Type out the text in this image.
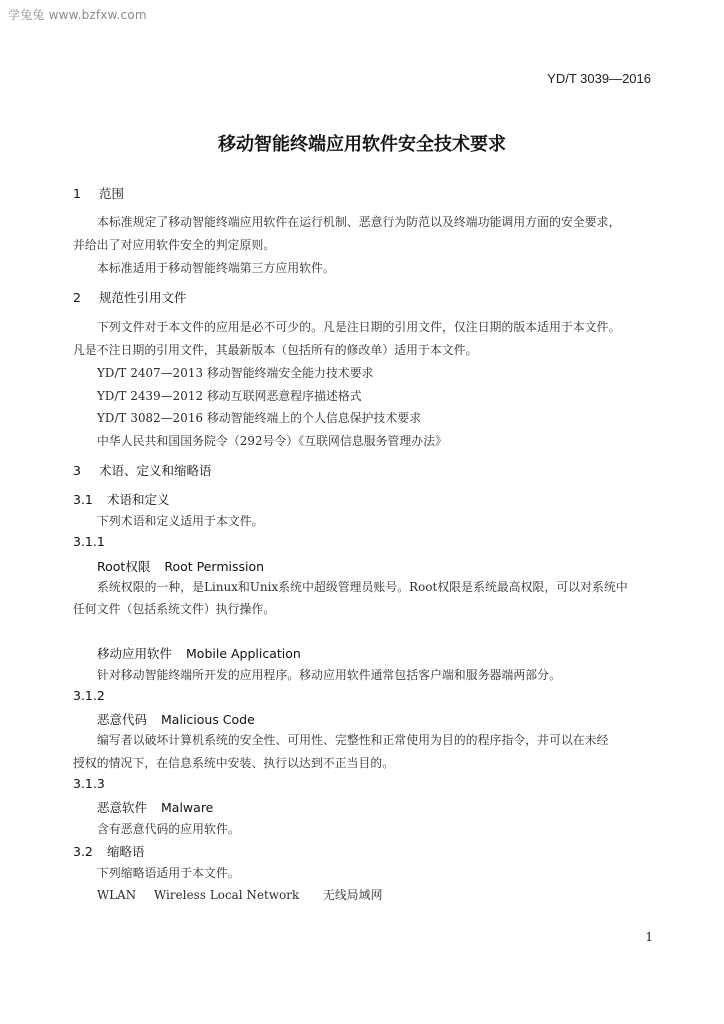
学兔兔 www.bzfxw.com
YD/T 3039—2016
移动智能终端应用软件安全技术要求
1 范围
本标准规定了移动智能终端应用软件在运行机制、恶意行为防范以及终端功能调用方面的安全要求，
并给出了对应用软件安全的判定原则。
本标准适用于移动智能终端第三方应用软件。
2 规范性引用文件
下列文件对于本文件的应用是必不可少的。凡是注日期的引用文件，仅注日期的版本适用于本文件。
凡是不注日期的引用文件，其最新版本（包括所有的修改单）适用于本文件。
YD/T 2407—2013 移动智能终端安全能力技术要求
YD/T 2439—2012 移动互联网恶意程序描述格式
YD/T 3082—2016 移动智能终端上的个人信息保护技术要求
中华人民共和国国务院令（292号令）《互联网信息服务管理办法》
3 术语、定义和缩略语
3.1 术语和定义
下列术语和定义适用于本文件。
3.1.1
Root权限 Root Permission
系统权限的一种，是Linux和Unix系统中超级管理员账号。Root权限是系统最高权限，可以对系统中
任何文件（包括系统文件）执行操作。
移动应用软件 Mobile Application
针对移动智能终端所开发的应用程序。移动应用软件通常包括客户端和服务器端两部分。
3.1.2
恶意代码 Malicious Code
编写者以破坏计算机系统的安全性、可用性、完整性和正常使用为目的的程序指令，并可以在未经
授权的情况下，在信息系统中安装、执行以达到不正当目的。
3.1.3
恶意软件 Malware
含有恶意代码的应用软件。
3.2 缩略语
下列缩略语适用于本文件。
WLAN Wireless Local Network 无线局域网
1
